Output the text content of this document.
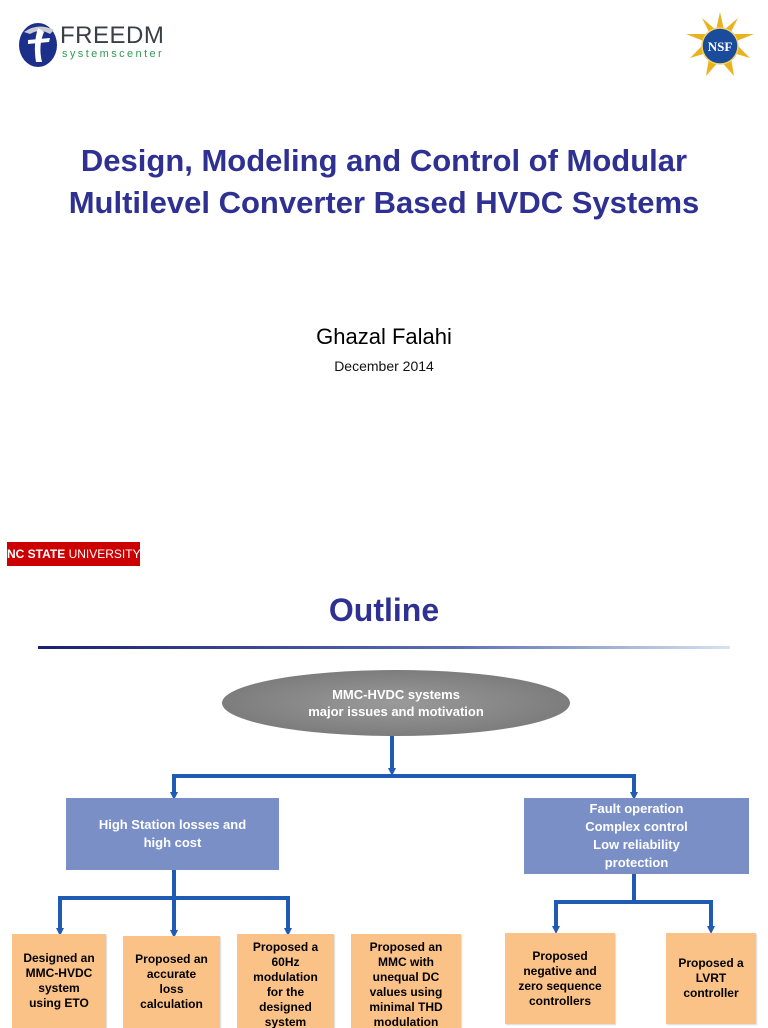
FREEDM
systemscenter	NSF
Design, Modeling and Control of Modular
Multilevel Converter Based HVDC Systems
Ghazal Falahi
December 2014
NC STATE UNIVERSITY
Outline
MMC-HVDC systems
major issues and motivation
High Station losses and
high cost
Fault operation
Complex control
Low reliability
protection
Designed an
MMC-HVDC
system
using ETO
Proposed an
accurate
loss
calculation
Proposed a
60Hz
modulation
for the
designed
system
Proposed an
MMC with
unequal DC
values using
minimal THD
modulation
Proposed
negative and
zero sequence
controllers
Proposed a
LVRT
controller
